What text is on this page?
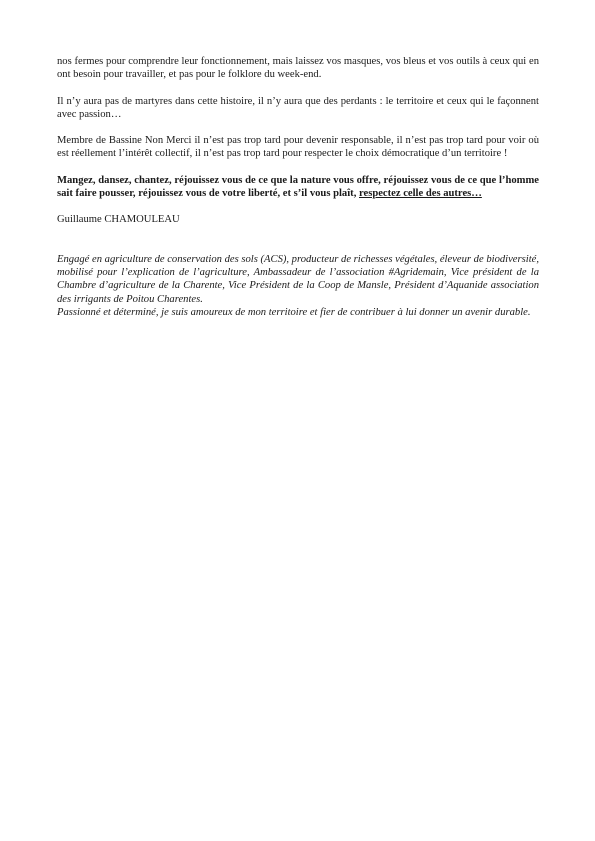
nos fermes pour comprendre leur fonctionnement, mais laissez vos masques, vos bleus et vos outils à ceux qui en ont besoin pour travailler, et pas pour le folklore du week-end.

Il n’y aura pas de martyres dans cette histoire, il n’y aura que des perdants : le territoire et ceux qui le façonnent avec passion…

Membre de Bassine Non Merci il n’est pas trop tard pour devenir responsable, il n’est pas trop tard pour voir où est réellement l’intérêt collectif, il n’est pas trop tard pour respecter le choix démocratique d’un territoire !

Mangez, dansez, chantez, réjouissez vous de ce que la nature vous offre, réjouissez vous de ce que l’homme sait faire pousser, réjouissez vous de votre liberté, et s’il vous plaît, respectez celle des autres…

Guillaume CHAMOULEAU

Engagé en agriculture de conservation des sols (ACS), producteur de richesses végétales, éleveur de biodiversité, mobilisé pour l’explication de l’agriculture, Ambassadeur de l’association #Agridemain, Vice président de la Chambre d’agriculture de la Charente, Vice Président de la Coop de Mansle, Président d’Aquanide association des irrigants de Poitou Charentes.

Passionné et déterminé, je suis amoureux de mon territoire et fier de contribuer à lui donner un avenir durable.
